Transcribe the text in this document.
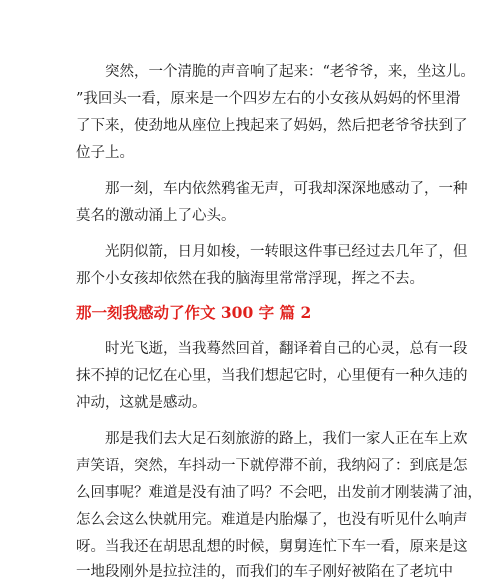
　　突然，一个清脆的声音响了起来：“老爷爷，来，坐这儿。
”我回头一看，原来是一个四岁左右的小女孩从妈妈的怀里滑
了下来，使劲地从座位上拽起来了妈妈，然后把老爷爷扶到了
位子上。
　　那一刻，车内依然鸦雀无声，可我却深深地感动了，一种
莫名的激动涌上了心头。
　　光阴似箭，日月如梭，一转眼这件事已经过去几年了，但
那个小女孩却依然在我的脑海里常常浮现，挥之不去。
那一刻我感动了作文 300 字 篇 2
　　时光飞逝，当我蓦然回首，翻译着自己的心灵，总有一段
抹不掉的记忆在心里，当我们想起它时，心里便有一种久违的
冲动，这就是感动。
　　那是我们去大足石刻旅游的路上，我们一家人正在车上欢
声笑语，突然，车抖动一下就停滞不前，我纳闷了：到底是怎
么回事呢？难道是没有油了吗？不会吧，出发前才刚装满了油，
怎么会这么快就用完。难道是内胎爆了，也没有听见什么响声
呀。当我还在胡思乱想的时候，舅舅连忙下车一看，原来是这
一地段刚外是拉拉洼的，而我们的车子刚好被陷在了老坑中
